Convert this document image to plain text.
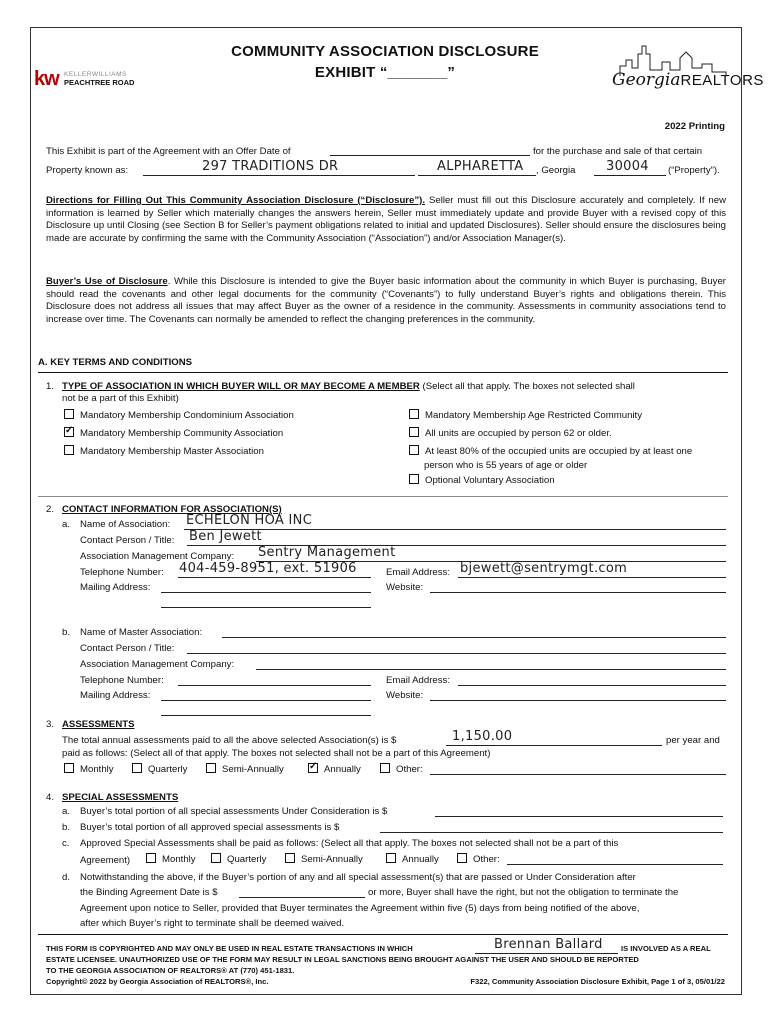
kw KELLERWILLIAMS
PEACHTREE ROAD
COMMUNITY ASSOCIATION DISCLOSURE
EXHIBIT “_______”	GeorgiaREALTORS
2022 Printing
This Exhibit is part of the Agreement with an Offer Date of	for the purchase and sale of that certain
Property known as:	297 TRADITIONS DR	ALPHARETTA , Georgia 30004 (“Property”).
Directions for Filling Out This Community Association Disclosure (“Disclosure”). Seller must fill out this Disclosure accurately and completely. If new information is learned by Seller which materially changes the answers herein, Seller must immediately update and provide Buyer with a revised copy of this Disclosure up until Closing (see Section B for Seller’s payment obligations related to initial and updated Disclosures). Seller should ensure the disclosures being made are accurate by confirming the same with the Community Association (“Association”) and/or Association Manager(s).
Buyer’s Use of Disclosure. While this Disclosure is intended to give the Buyer basic information about the community in which Buyer is purchasing, Buyer should read the covenants and other legal documents for the community (“Covenants”) to fully understand Buyer’s rights and obligations therein. This Disclosure does not address all issues that may affect Buyer as the owner of a residence in the community. Assessments in community associations tend to increase over time. The Covenants can normally be amended to reflect the changing preferences in the community.
A. KEY TERMS AND CONDITIONS
1. TYPE OF ASSOCIATION IN WHICH BUYER WILL OR MAY BECOME A MEMBER (Select all that apply. The boxes not selected shall
not be a part of this Exhibit)
Mandatory Membership Condominium Association
✓Mandatory Membership Community Association
Mandatory Membership Master Association
Mandatory Membership Age Restricted Community
All units are occupied by person 62 or older.
At least 80% of the occupied units are occupied by at least one
person who is 55 years of age or older
Optional Voluntary Association
2. CONTACT INFORMATION FOR ASSOCIATION(S)
a. Name of Association: ECHELON HOA INC
Contact Person / Title: Ben Jewett
Association Management Company: Sentry Management
Telephone Number: 404-459-8951, ext. 51906	Email Address: bjewett@sentrymgt.com
Mailing Address:	Website:
b. Name of Master Association:
Contact Person / Title:
Association Management Company:
Telephone Number:	Email Address:
Mailing Address:	Website:
3. ASSESSMENTS
The total annual assessments paid to all the above selected Association(s) is $	1,150.00	per year and
paid as follows: (Select all of that apply. The boxes not selected shall not be a part of this Agreement)
Monthly	Quarterly	Semi-Annually
✓	Annually	Other:
4. SPECIAL ASSESSMENTS
a. Buyer’s total portion of all special assessments Under Consideration is $
b. Buyer’s total portion of all approved special assessments is $
c. Approved Special Assessments shall be paid as follows: (Select all that apply. The boxes not selected shall not be a part of this
Agreement)	Monthly	Quarterly	Semi-Annually	Annually	Other:
d. Notwithstanding the above, if the Buyer’s portion of any and all special assessment(s) that are passed or Under Consideration after
the Binding Agreement Date is $	or more, Buyer shall have the right, but not the obligation to terminate the
Agreement upon notice to Seller, provided that Buyer terminates the Agreement within five (5) days from being notified of the above,
after which Buyer’s right to terminate shall be deemed waived.
THIS FORM IS COPYRIGHTED AND MAY ONLY BE USED IN REAL ESTATE TRANSACTIONS IN WHICH	Brennan Ballard IS INVOLVED AS A REAL
ESTATE LICENSEE. UNAUTHORIZED USE OF THE FORM MAY RESULT IN LEGAL SANCTIONS BEING BROUGHT AGAINST THE USER AND SHOULD BE REPORTED
TO THE GEORGIA ASSOCIATION OF REALTORS® AT (770) 451-1831.
Copyright© 2022 by Georgia Association of REALTORS®, Inc.	F322, Community Association Disclosure Exhibit, Page 1 of 3, 05/01/22
